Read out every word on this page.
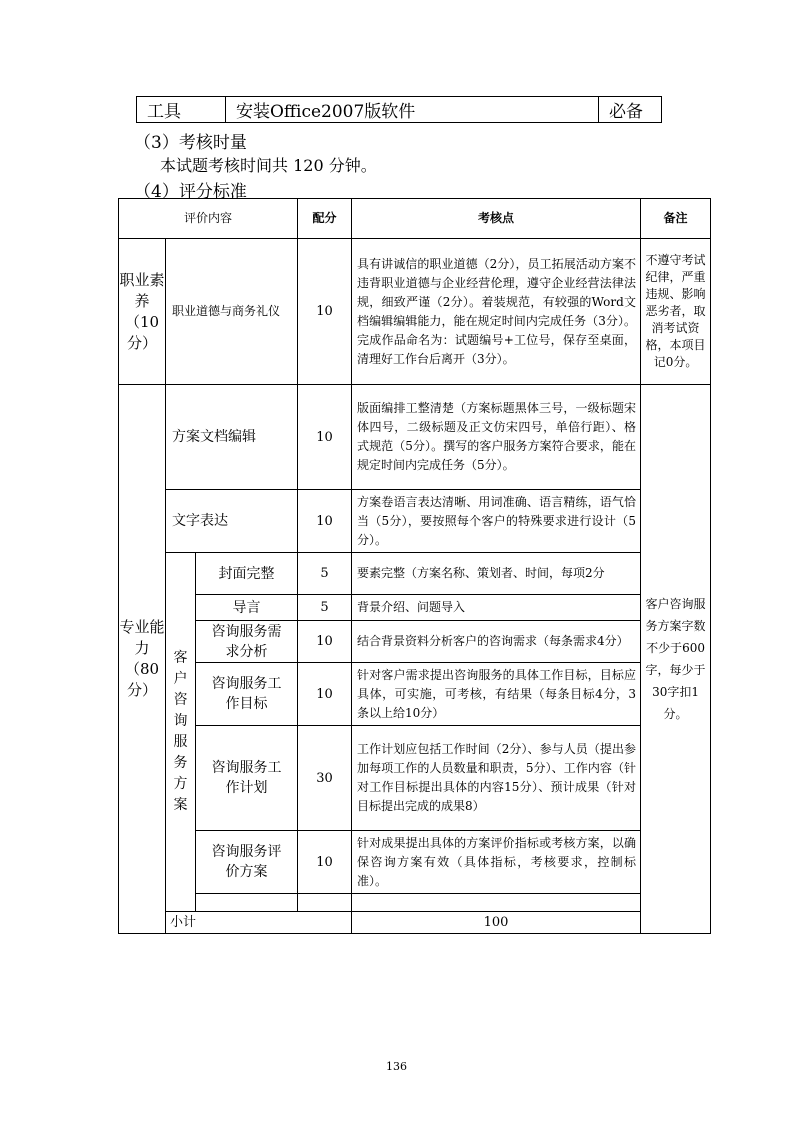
工具	安装Office2007版软件	必备
（3）考核时量
本试题考核时间共 120 分钟。
（4）评分标准
评价内容			配分	考核点	备注	
职业素养（10分）	职业道德与商务礼仪		10	具有讲诚信的职业道德（2分），员工拓展活动方案不违背职业道德与企业经营伦理，遵守企业经营法律法规，细致严谨（2分）。着装规范，有较强的Word文档编辑编辑能力，能在规定时间内完成任务（3分）。完成作品命名为：试题编号+工位号，保存至桌面，清理好工作台后离开（3分）。	不遵守考试纪律，严重违规、影响恶劣者，取消考试资格，本项目记0分。	
专业能力（80分）	方案文档编辑		10	版面编排工整清楚（方案标题黑体三号，一级标题宋体四号，二级标题及正文仿宋四号，单倍行距）、格式规范（5分）。撰写的客户服务方案符合要求，能在规定时间内完成任务（5分）。	客户咨询服务方案字数不少于600字，每少于30字扣1分。	
	文字表达		10	方案卷语言表达清晰、用词准确、语言精练，语气恰当（5分），要按照每个客户的特殊要求进行设计（5分）。		
	客户咨询服务方案	封面完整	5	要素完整（方案名称、策划者、时间，每项2分		
		导言	5	背景介绍、问题导入		
		咨询服务需求分析	10	结合背景资料分析客户的咨询需求（每条需求4分）		
		咨询服务工作目标	10	针对客户需求提出咨询服务的具体工作目标，目标应具体，可实施，可考核，有结果（每条目标4分，3条以上给10分）		
		咨询服务工作计划	30	工作计划应包括工作时间（2分）、参与人员（提出参加每项工作的人员数量和职责，5分）、工作内容（针对工作目标提出具体的内容15分）、预计成果（针对目标提出完成的成果8）		
		咨询服务评价方案	10	针对成果提出具体的方案评价指标或考核方案，以确保咨询方案有效（具体指标，考核要求，控制标准）。		

	小计			100		
136
